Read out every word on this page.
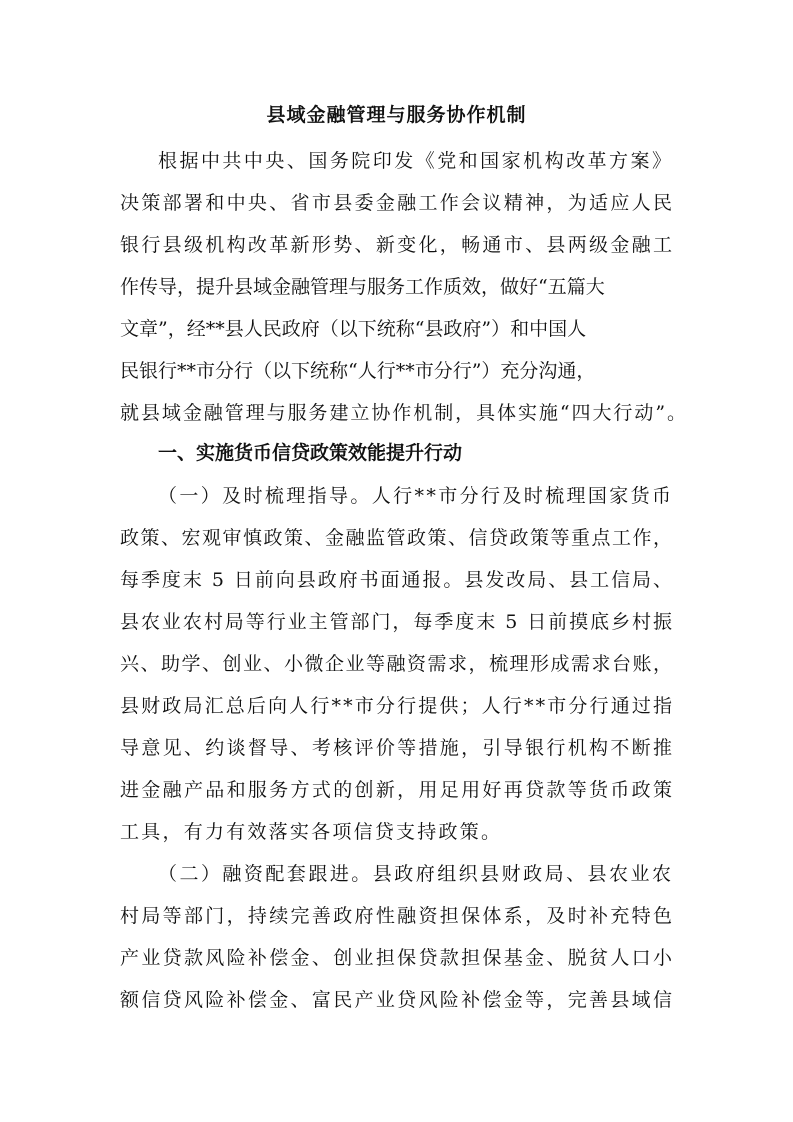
县域金融管理与服务协作机制
根据中共中央、国务院印发《党和国家机构改革方案》
决策部署和中央、省市县委金融工作会议精神，为适应人民
银行县级机构改革新形势、新变化，畅通市、县两级金融工
作传导，提升县域金融管理与服务工作质效，做好“五篇大
文章”，经**县人民政府（以下统称“县政府”）和中国人
民银行**市分行（以下统称“人行**市分行”）充分沟通，
就县域金融管理与服务建立协作机制，具体实施“四大行动”。
一、实施货币信贷政策效能提升行动
（一）及时梳理指导。人行**市分行及时梳理国家货币
政策、宏观审慎政策、金融监管政策、信贷政策等重点工作，
每季度末 5 日前向县政府书面通报。县发改局、县工信局、
县农业农村局等行业主管部门，每季度末 5 日前摸底乡村振
兴、助学、创业、小微企业等融资需求，梳理形成需求台账，
县财政局汇总后向人行**市分行提供；人行**市分行通过指
导意见、约谈督导、考核评价等措施，引导银行机构不断推
进金融产品和服务方式的创新，用足用好再贷款等货币政策
工具，有力有效落实各项信贷支持政策。
（二）融资配套跟进。县政府组织县财政局、县农业农
村局等部门，持续完善政府性融资担保体系，及时补充特色
产业贷款风险补偿金、创业担保贷款担保基金、脱贫人口小
额信贷风险补偿金、富民产业贷风险补偿金等，完善县域信
